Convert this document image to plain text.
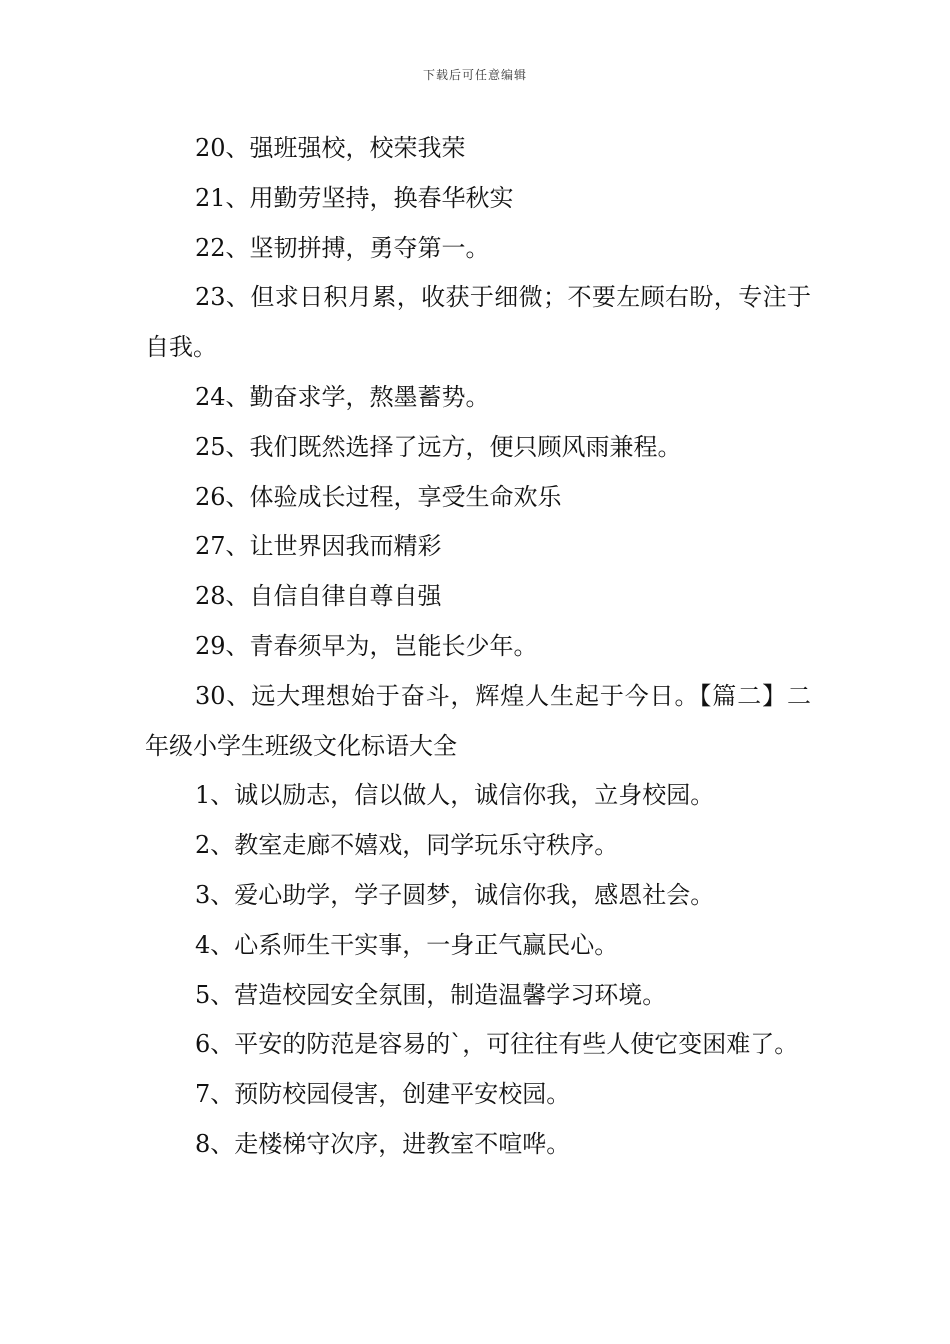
下载后可任意编辑

20、强班强校，校荣我荣

21、用勤劳坚持，换春华秋实

22、坚韧拼搏，勇夺第一。

23、但求日积月累，收获于细微；不要左顾右盼，专注于自我。

24、勤奋求学，熬墨蓄势。

25、我们既然选择了远方，便只顾风雨兼程。

26、体验成长过程，享受生命欢乐

27、让世界因我而精彩

28、自信自律自尊自强

29、青春须早为，岂能长少年。

30、远大理想始于奋斗，辉煌人生起于今日。【篇二】二年级小学生班级文化标语大全

1、诚以励志，信以做人，诚信你我，立身校园。

2、教室走廊不嬉戏，同学玩乐守秩序。

3、爱心助学，学子圆梦，诚信你我，感恩社会。

4、心系师生干实事，一身正气赢民心。

5、营造校园安全氛围，制造温馨学习环境。

6、平安的防范是容易的`，可往往有些人使它变困难了。

7、预防校园侵害，创建平安校园。

8、走楼梯守次序，进教室不喧哗。
